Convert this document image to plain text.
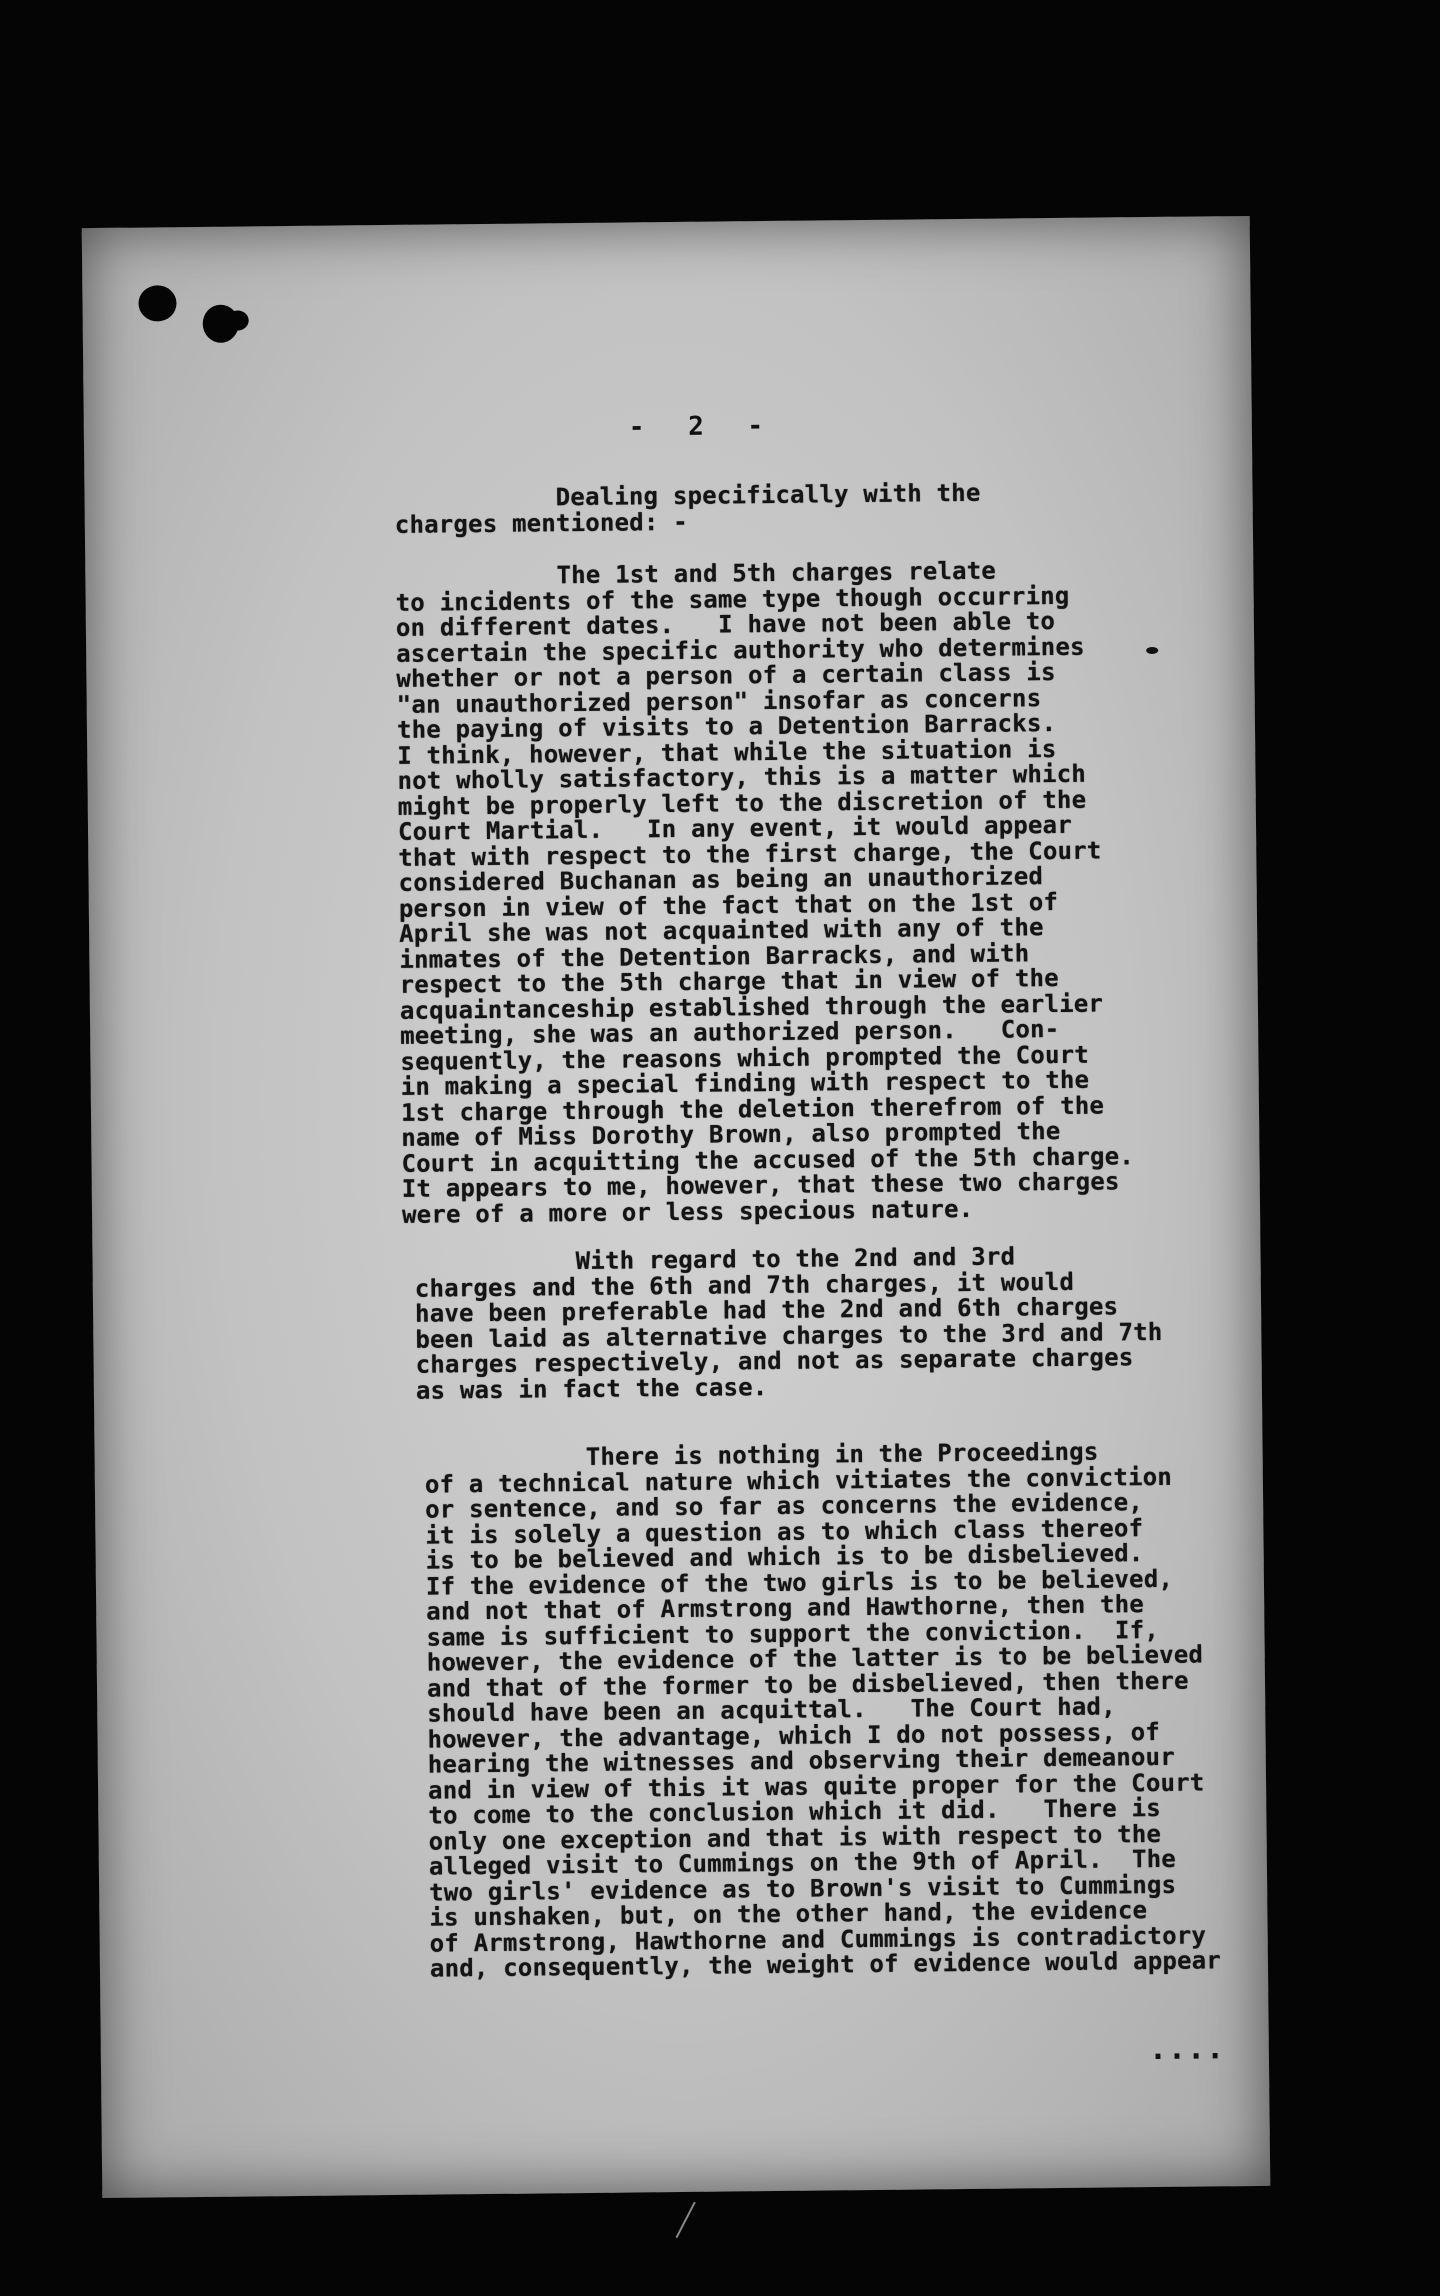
- 2 -
Dealing specifically with the
charges mentioned: -
The 1st and 5th charges relate
to incidents of the same type though occurring
on different dates.   I have not been able to
ascertain the specific authority who determines
whether or not a person of a certain class is
"an unauthorized person" insofar as concerns
the paying of visits to a Detention Barracks.
I think, however, that while the situation is
not wholly satisfactory, this is a matter which
might be properly left to the discretion of the
Court Martial.   In any event, it would appear
that with respect to the first charge, the Court
considered Buchanan as being an unauthorized
person in view of the fact that on the 1st of
April she was not acquainted with any of the
inmates of the Detention Barracks, and with
respect to the 5th charge that in view of the
acquaintanceship established through the earlier
meeting, she was an authorized person.   Con-
sequently, the reasons which prompted the Court
in making a special finding with respect to the
1st charge through the deletion therefrom of the
name of Miss Dorothy Brown, also prompted the
Court in acquitting the accused of the 5th charge.
It appears to me, however, that these two charges
were of a more or less specious nature.
With regard to the 2nd and 3rd
charges and the 6th and 7th charges, it would
have been preferable had the 2nd and 6th charges
been laid as alternative charges to the 3rd and 7th
charges respectively, and not as separate charges
as was in fact the case.
There is nothing in the Proceedings
of a technical nature which vitiates the conviction
or sentence, and so far as concerns the evidence,
it is solely a question as to which class thereof
is to be believed and which is to be disbelieved.
If the evidence of the two girls is to be believed,
and not that of Armstrong and Hawthorne, then the
same is sufficient to support the conviction.  If,
however, the evidence of the latter is to be believed
and that of the former to be disbelieved, then there
should have been an acquittal.   The Court had,
however, the advantage, which I do not possess, of
hearing the witnesses and observing their demeanour
and in view of this it was quite proper for the Court
to come to the conclusion which it did.   There is
only one exception and that is with respect to the
alleged visit to Cummings on the 9th of April.  The
two girls' evidence as to Brown's visit to Cummings
is unshaken, but, on the other hand, the evidence
of Armstrong, Hawthorne and Cummings is contradictory
and, consequently, the weight of evidence would appear
....
